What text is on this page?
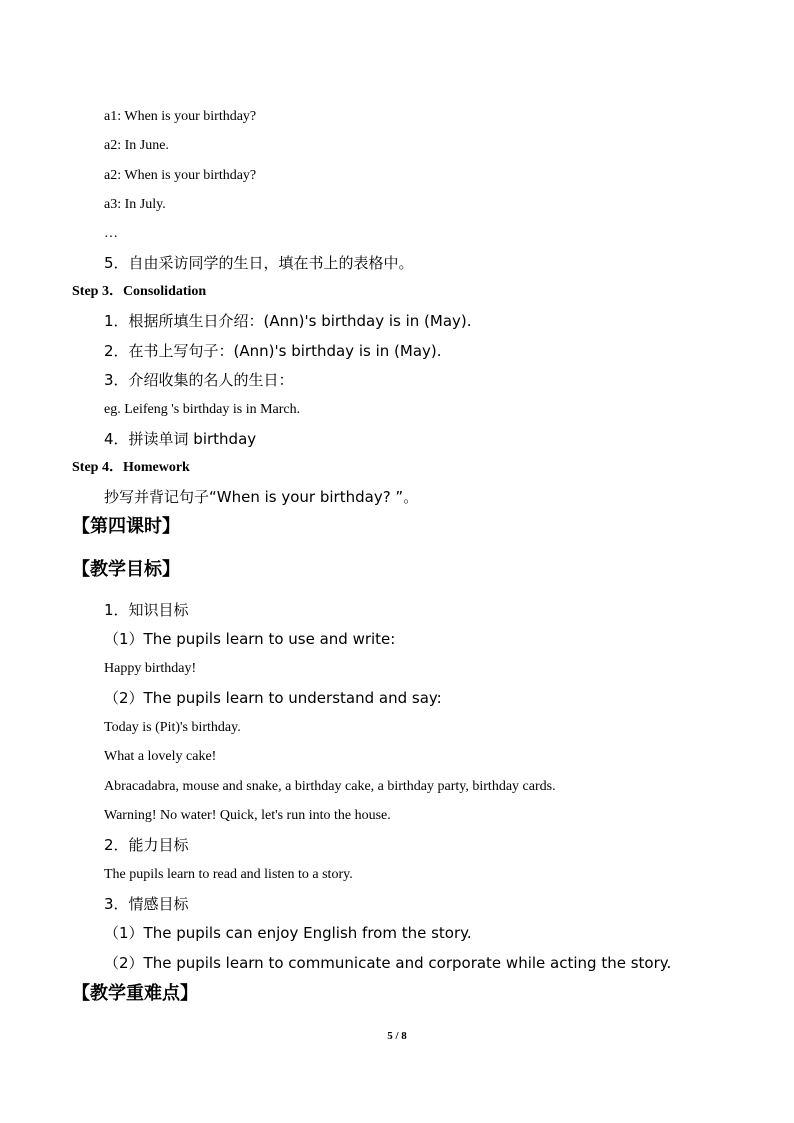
a1: When is your birthday?
a2: In June.
a2: When is your birthday?
a3: In July.
…
5．自由采访同学的生日，填在书上的表格中。
Step 3．Consolidation
1．根据所填生日介绍：(Ann)'s birthday is in (May).
2．在书上写句子：(Ann)'s birthday is in (May).
3．介绍收集的名人的生日：
eg. Leifeng 's birthday is in March.
4．拼读单词 birthday
Step 4．Homework
抄写并背记句子“When is your birthday? ”。
【第四课时】
【教学目标】
1．知识目标
（1）The pupils learn to use and write:
Happy birthday!
（2）The pupils learn to understand and say:
Today is (Pit)'s birthday.
What a lovely cake!
Abracadabra, mouse and snake, a birthday cake, a birthday party, birthday cards.
Warning! No water! Quick, let's run into the house.
2．能力目标
The pupils learn to read and listen to a story.
3．情感目标
（1）The pupils can enjoy English from the story.
（2）The pupils learn to communicate and corporate while acting the story.
【教学重难点】
5 / 8
